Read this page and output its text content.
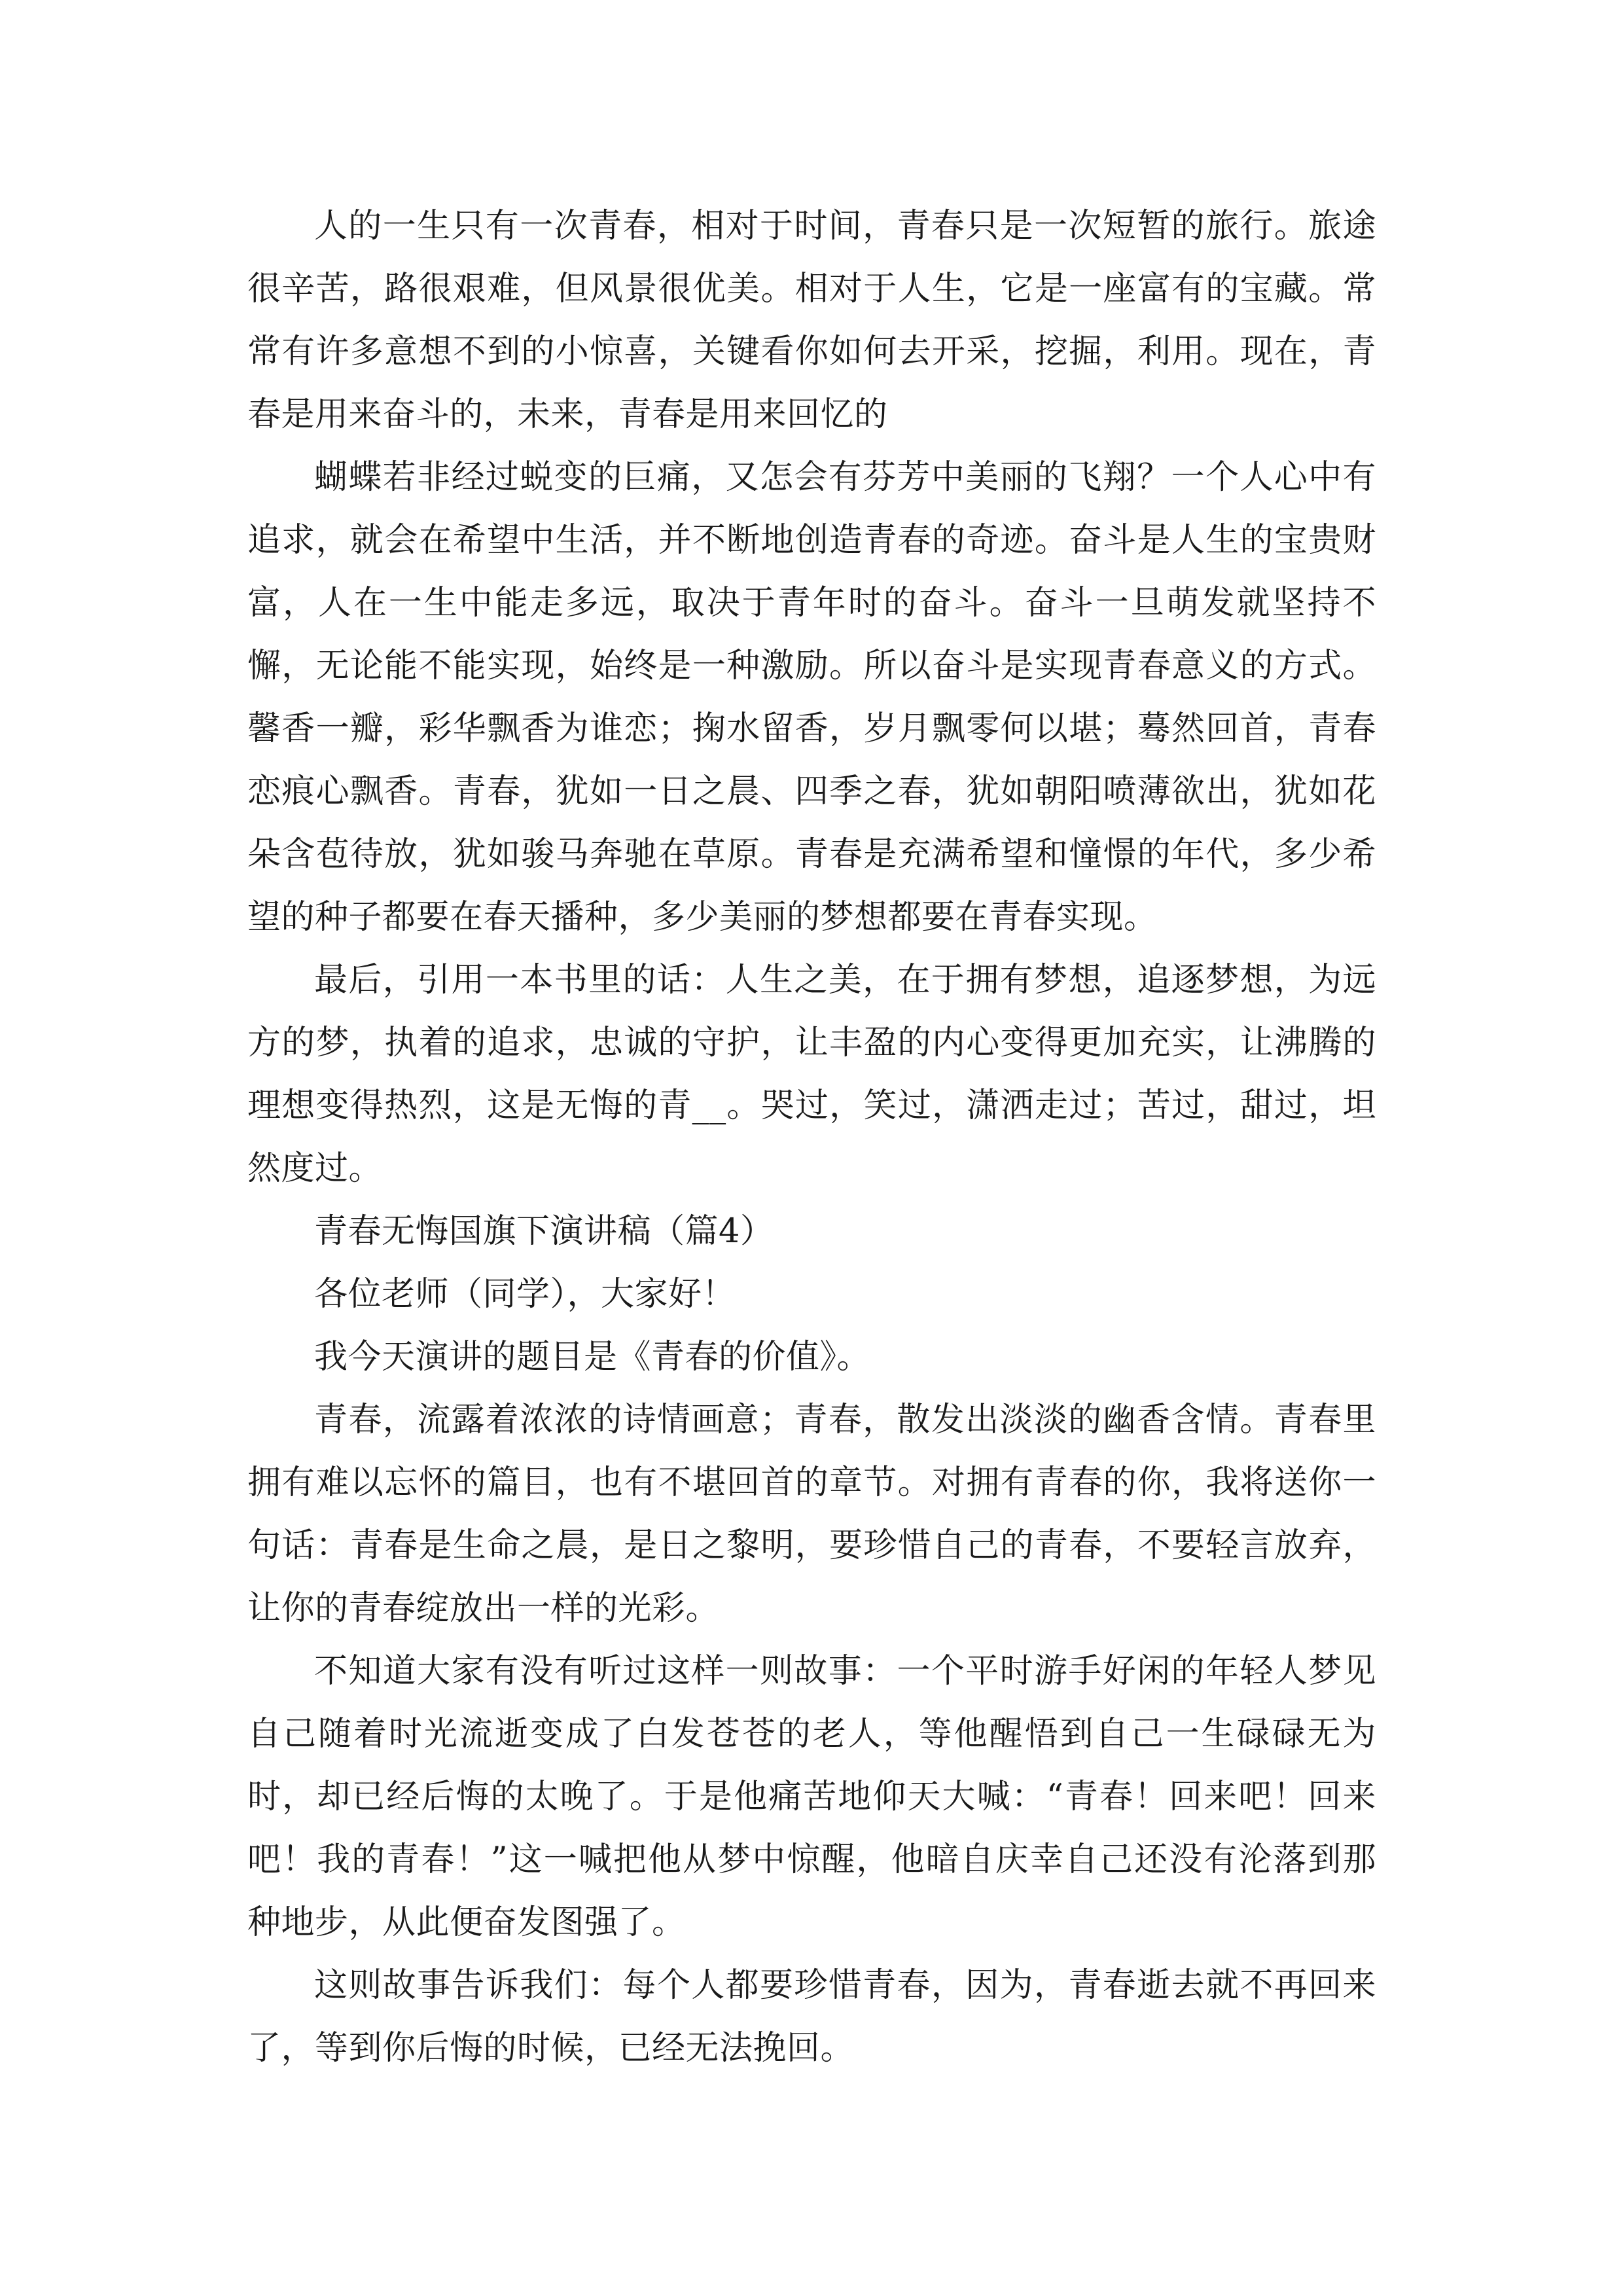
人的一生只有一次青春，相对于时间，青春只是一次短暂的旅行。旅途很辛苦，路很艰难，但风景很优美。相对于人生，它是一座富有的宝藏。常常有许多意想不到的小惊喜，关键看你如何去开采，挖掘，利用。现在，青春是用来奋斗的，未来，青春是用来回忆的

蝴蝶若非经过蜕变的巨痛，又怎会有芬芳中美丽的飞翔？一个人心中有追求，就会在希望中生活，并不断地创造青春的奇迹。奋斗是人生的宝贵财富，人在一生中能走多远，取决于青年时的奋斗。奋斗一旦萌发就坚持不懈，无论能不能实现，始终是一种激励。所以奋斗是实现青春意义的方式。馨香一瓣，彩华飘香为谁恋；掬水留香，岁月飘零何以堪；蓦然回首，青春恋痕心飘香。青春，犹如一日之晨、四季之春，犹如朝阳喷薄欲出，犹如花朵含苞待放，犹如骏马奔驰在草原。青春是充满希望和憧憬的年代，多少希望的种子都要在春天播种，多少美丽的梦想都要在青春实现。

最后，引用一本书里的话：人生之美，在于拥有梦想，追逐梦想，为远方的梦，执着的追求，忠诚的守护，让丰盈的内心变得更加充实，让沸腾的理想变得热烈，这是无悔的青__。哭过，笑过，潇洒走过；苦过，甜过，坦然度过。

青春无悔国旗下演讲稿（篇4）

各位老师（同学），大家好！

我今天演讲的题目是《青春的价值》。

青春，流露着浓浓的诗情画意；青春，散发出淡淡的幽香含情。青春里拥有难以忘怀的篇目，也有不堪回首的章节。对拥有青春的你，我将送你一句话：青春是生命之晨，是日之黎明，要珍惜自己的青春，不要轻言放弃，让你的青春绽放出一样的光彩。

不知道大家有没有听过这样一则故事：一个平时游手好闲的年轻人梦见自己随着时光流逝变成了白发苍苍的老人，等他醒悟到自己一生碌碌无为时，却已经后悔的太晚了。于是他痛苦地仰天大喊：“青春！回来吧！回来吧！我的青春！”这一喊把他从梦中惊醒，他暗自庆幸自己还没有沦落到那种地步，从此便奋发图强了。

这则故事告诉我们：每个人都要珍惜青春，因为，青春逝去就不再回来了，等到你后悔的时候，已经无法挽回。
